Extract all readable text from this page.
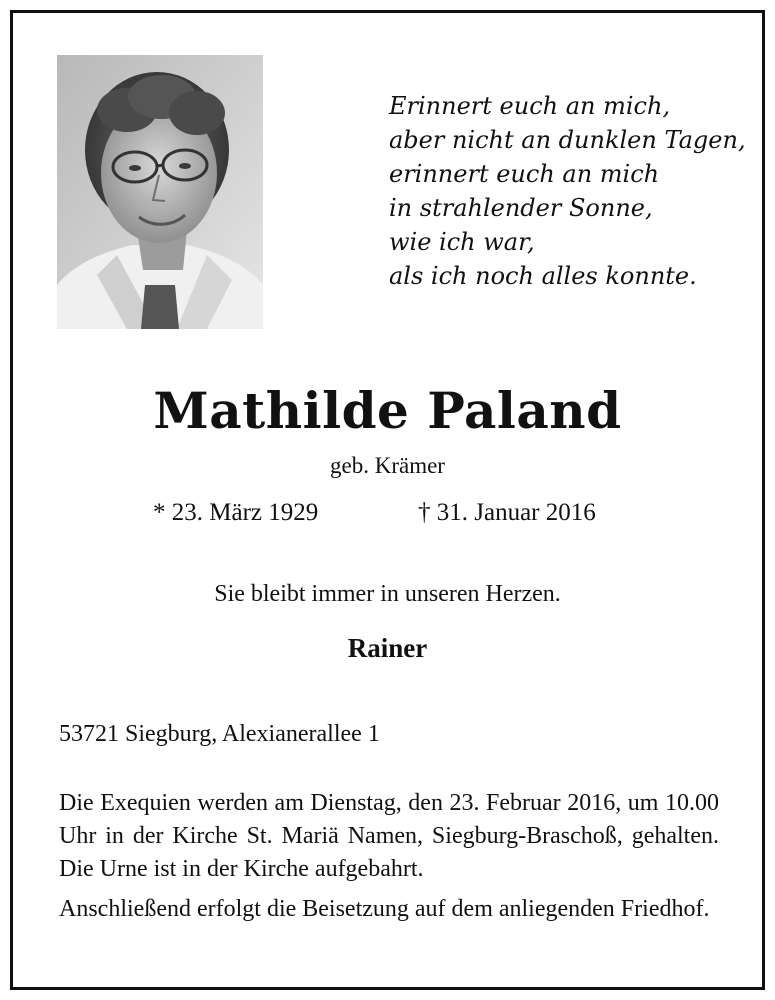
Erinnert euch an mich,
aber nicht an dunklen Tagen,
erinnert euch an mich
in strahlender Sonne,
wie ich war,
als ich noch alles konnte.
Mathilde Paland
geb. Krämer
* 23. März 1929	† 31. Januar 2016
Sie bleibt immer in unseren Herzen.
Rainer
53721 Siegburg, Alexianerallee 1
Die Exequien werden am Dienstag, den 23. Februar 2016, um 10.00 Uhr in der Kirche St. Mariä Namen, Siegburg-Braschoß, gehalten. Die Urne ist in der Kirche aufgebahrt.
Anschließend erfolgt die Beisetzung auf dem anliegenden Friedhof.
